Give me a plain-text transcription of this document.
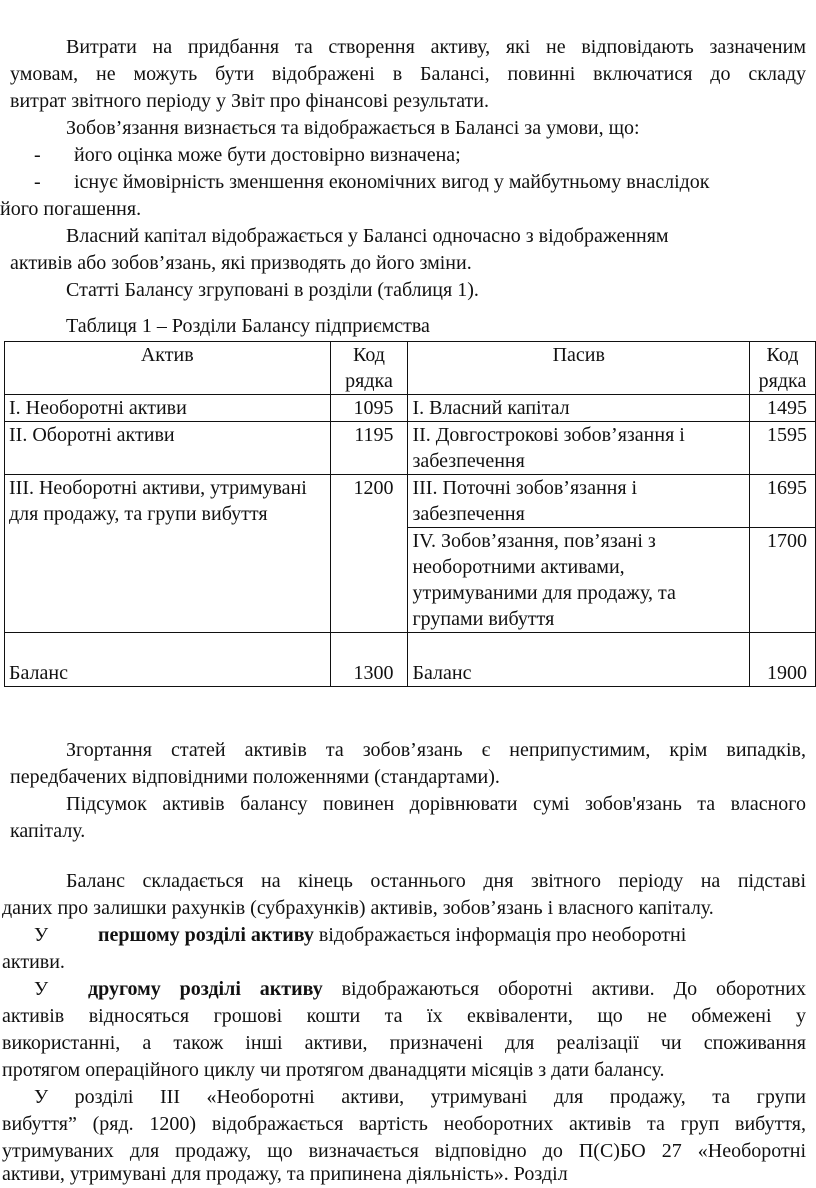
Витрати на придбання та створення активу, які не відповідають зазначеним
умовам, не можуть бути відображені в Балансі, повинні включатися до складу
витрат звітного періоду у Звіт про фінансові результати.
Зобов’язання визнається та відображається в Балансі за умови, що:
- його оцінка може бути достовірно визначена;
- існує ймовірність зменшення економічних вигод у майбутньому внаслідок
його погашення.
Власний капітал відображається у Балансі одночасно з відображенням
активів або зобов’язань, які призводять до його зміни.
Статті Балансу згруповані в розділи (таблиця 1).
Таблиця 1 – Розділи Балансу підприємства
Актив	Код рядка	Пасив	Код рядка
I. Необоротні активи	1095	I. Власний капітал	1495
II. Оборотні активи	1195	II. Довгострокові зобов’язання і забезпечення	1595
III. Необоротні активи, утримувані для продажу, та групи вибуття	1200	III. Поточні зобов’язання і забезпечення	1695
		IV. Зобов’язання, пов’язані з необоротними активами, утримуваними для продажу, та групами вибуття	1700
Баланс	1300	Баланс	1900
Згортання статей активів та зобов’язань є неприпустимим, крім випадків,
передбачених відповідними положеннями (стандартами).
Підсумок активів балансу повинен дорівнювати сумі зобов'язань та власного
капіталу.
Баланс складається на кінець останнього дня звітного періоду на підставі
даних про залишки рахунків (субрахунків) активів, зобов’язань і власного капіталу.
У першому розділі активу відображається інформація про необоротні
активи.
У другому розділі активу відображаються оборотні активи. До оборотних
активів відносяться грошові кошти та їх еквіваленти, що не обмежені у
використанні, а також інші активи, призначені для реалізації чи споживання
протягом операційного циклу чи протягом дванадцяти місяців з дати балансу.
У розділі III «Необоротні активи, утримувані для продажу, та групи
вибуття” (ряд. 1200) відображається вартість необоротних активів та груп вибуття,
утримуваних для продажу, що визначається відповідно до П(С)БО 27 «Необоротні
активи, утримувані для продажу, та припинена діяльність». Розділ
